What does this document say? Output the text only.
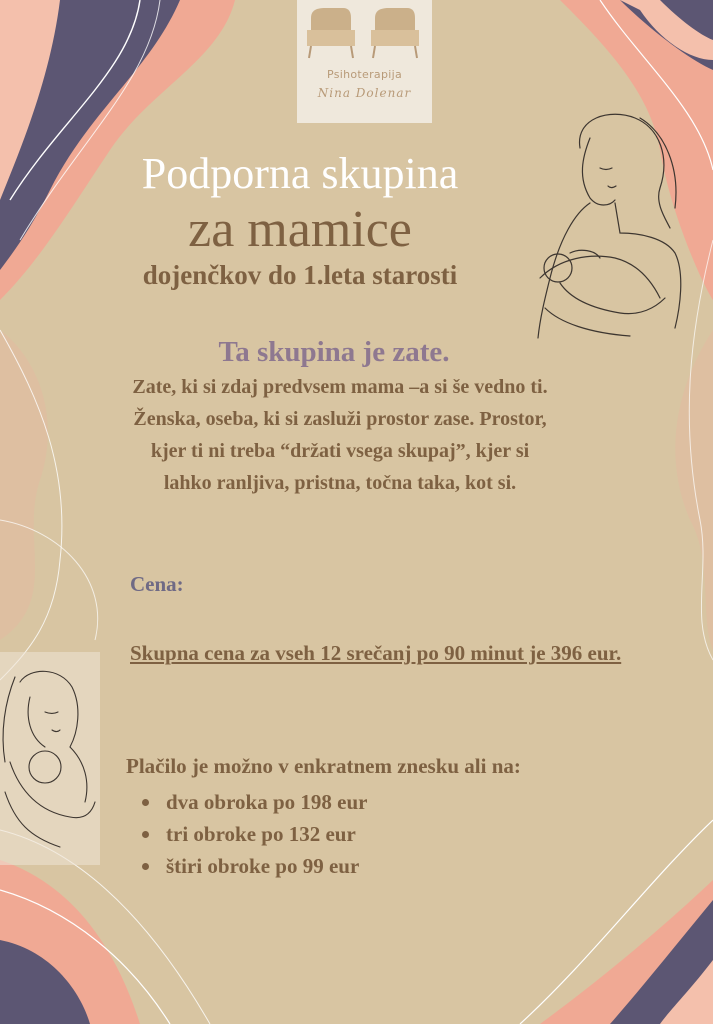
Psihoterapija
Nina Dolenar
Podporna skupina
za mamice
dojenčkov do 1.leta starosti
Ta skupina je zate.
Zate, ki si zdaj predvsem mama –a si še vedno ti.
Ženska, oseba, ki si zasluži prostor zase. Prostor,
kjer ti ni treba “držati vsega skupaj”, kjer si
lahko ranljiva, pristna, točna taka, kot si.
Cena:
Skupna cena za vseh 12 srečanj po 90 minut je 396 eur.
Plačilo je možno v enkratnem znesku ali na:
dva obroka po 198 eur
tri obroke po 132 eur
štiri obroke po 99 eur
